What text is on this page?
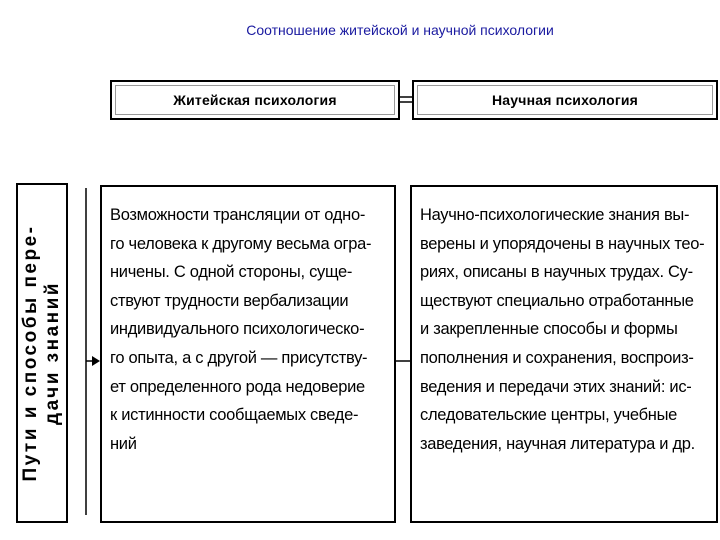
Соотношение житейской и научной психологии
Житейская психология	Научная психология
Пути и способы пере- дачи знаний
Возможности трансляции от одно-
го человека к другому весьма огра-
ничены. С одной стороны, суще-
ствуют трудности вербализации
индивидуального психологическо-
го опыта, а с другой — присутству-
ет определенного рода недоверие
к истинности сообщаемых сведе-
ний
Научно-психологические знания вы-
верены и упорядочены в научных тео-
риях, описаны в научных трудах. Су-
ществуют специально отработанные
и закрепленные способы и формы
пополнения и сохранения, воспроиз-
ведения и передачи этих знаний: ис-
следовательские центры, учебные
заведения, научная литература и др.
